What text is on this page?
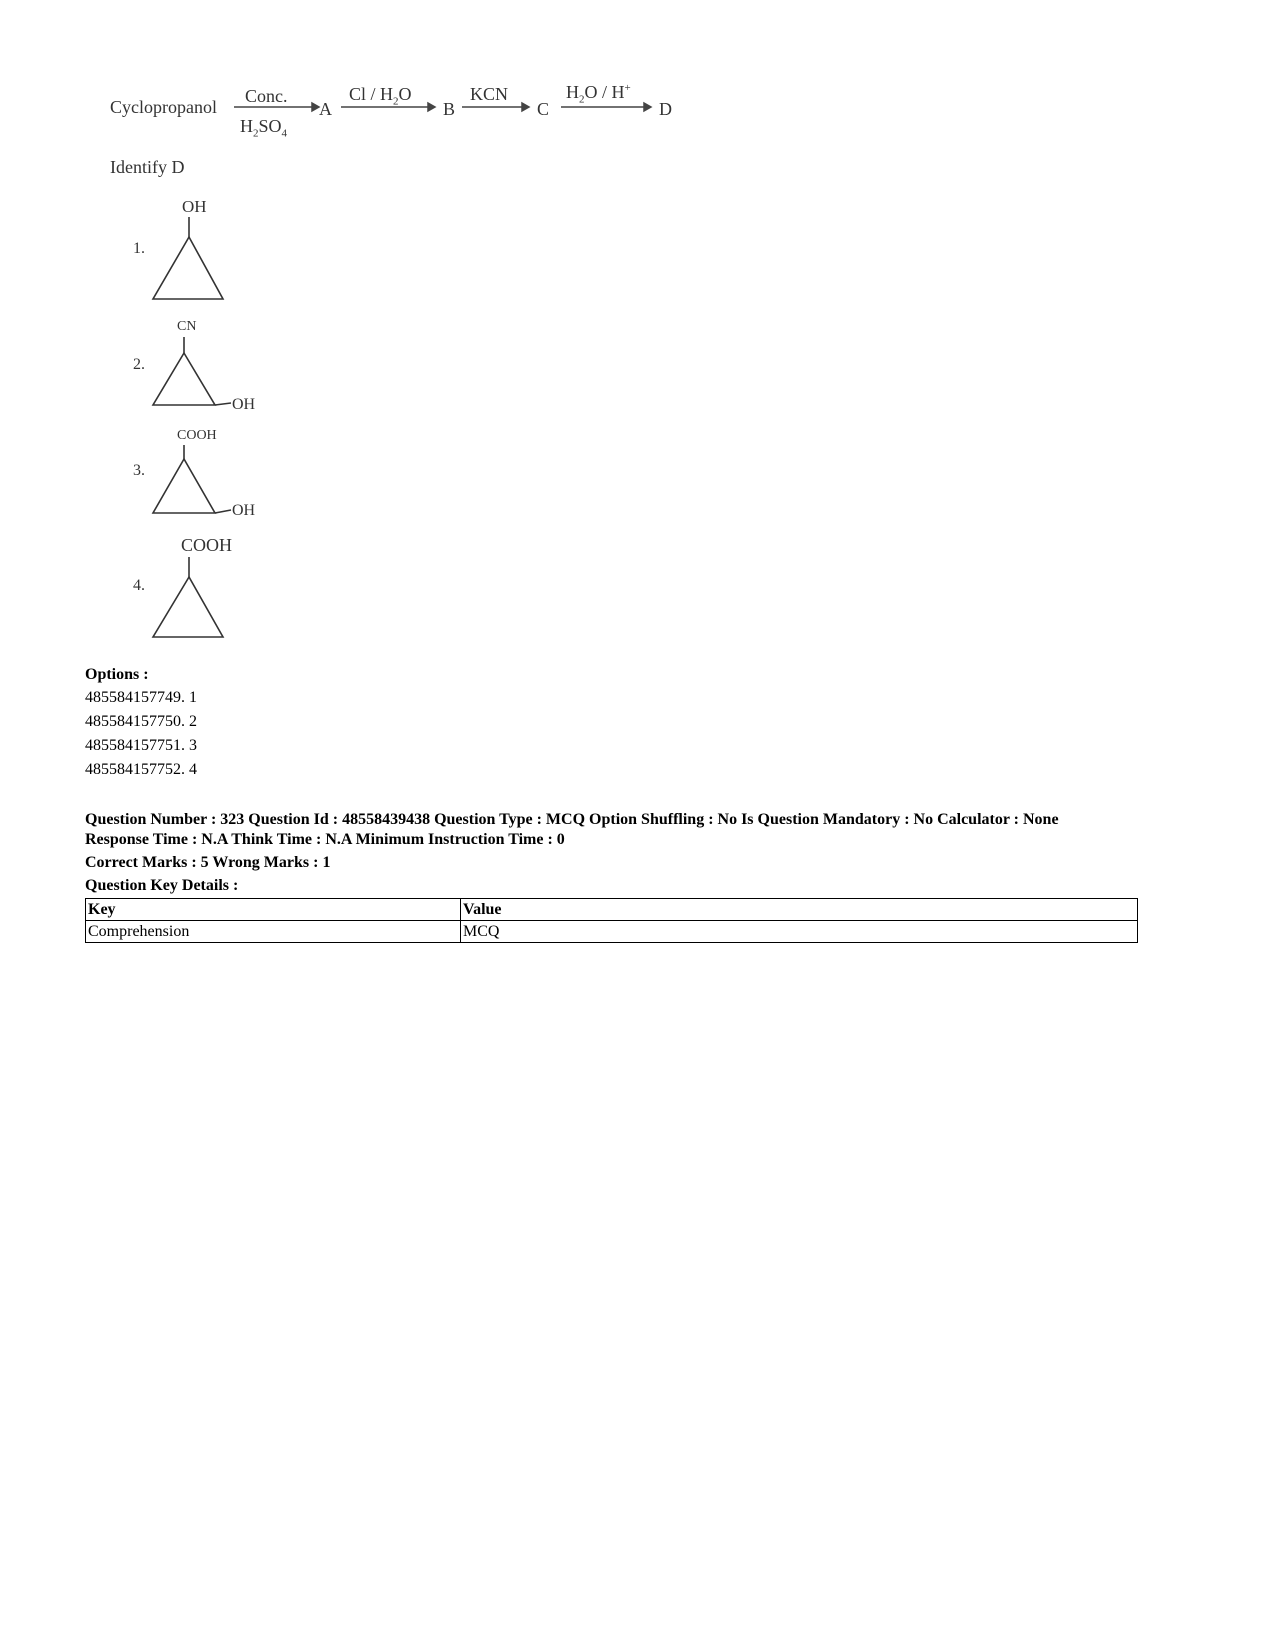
Cyclopropanol
Conc.
$H_2SO_4$
A
Cl / $H_2O$
B
KCN
C
$H_2O / H^+$
D
Identify D
1.
OH
2.
CN
OH
3.
COOH
OH
4.
COOH
Options :
485584157749. 1
485584157750. 2
485584157751. 3
485584157752. 4
Question Number : 323 Question Id : 48558439438 Question Type : MCQ Option Shuffling : No Is Question Mandatory : No Calculator : None
Response Time : N.A Think Time : N.A Minimum Instruction Time : 0
Correct Marks : 5 Wrong Marks : 1
Question Key Details :
Key	Value
Comprehension	MCQ
